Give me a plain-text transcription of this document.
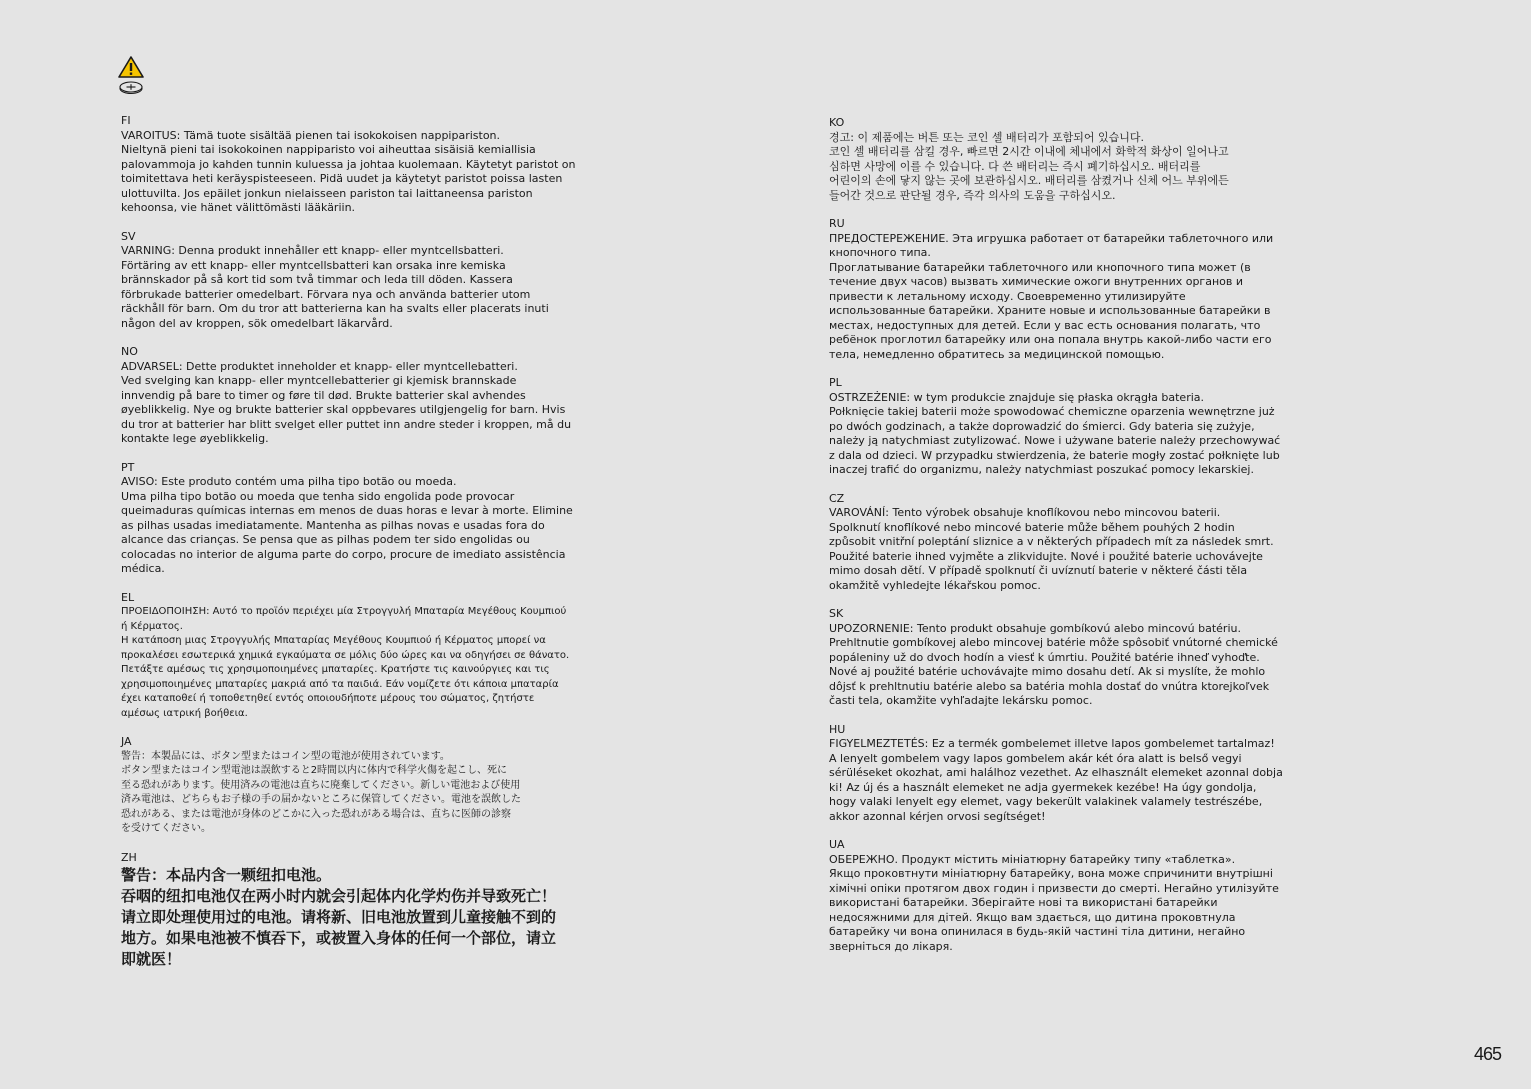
FI
VAROITUS: Tämä tuote sisältää pienen tai isokokoisen nappipariston.
Nieltynä pieni tai isokokoinen nappiparisto voi aiheuttaa sisäisiä kemiallisia
palovammoja jo kahden tunnin kuluessa ja johtaa kuolemaan. Käytetyt paristot on
toimitettava heti keräyspisteeseen. Pidä uudet ja käytetyt paristot poissa lasten
ulottuvilta. Jos epäilet jonkun nielaisseen pariston tai laittaneensa pariston
kehoonsa, vie hänet välittömästi lääkäriin.
SV
VARNING: Denna produkt innehåller ett knapp- eller myntcellsbatteri.
Förtäring av ett knapp- eller myntcellsbatteri kan orsaka inre kemiska
brännskador på så kort tid som två timmar och leda till döden. Kassera
förbrukade batterier omedelbart. Förvara nya och använda batterier utom
räckhåll för barn. Om du tror att batterierna kan ha svalts eller placerats inuti
någon del av kroppen, sök omedelbart läkarvård.
NO
ADVARSEL: Dette produktet inneholder et knapp- eller myntcellebatteri.
Ved svelging kan knapp- eller myntcellebatterier gi kjemisk brannskade
innvendig på bare to timer og føre til død. Brukte batterier skal avhendes
øyeblikkelig. Nye og brukte batterier skal oppbevares utilgjengelig for barn. Hvis
du tror at batterier har blitt svelget eller puttet inn andre steder i kroppen, må du
kontakte lege øyeblikkelig.
PT
AVISO: Este produto contém uma pilha tipo botão ou moeda.
Uma pilha tipo botão ou moeda que tenha sido engolida pode provocar
queimaduras químicas internas em menos de duas horas e levar à morte. Elimine
as pilhas usadas imediatamente. Mantenha as pilhas novas e usadas fora do
alcance das crianças. Se pensa que as pilhas podem ter sido engolidas ou
colocadas no interior de alguma parte do corpo, procure de imediato assistência
médica.
EL
ΠΡΟΕΙΔΟΠΟΙΗΣΗ: Αυτό το προϊόν περιέχει μία Στρογγυλή Μπαταρία Μεγέθους Κουμπιού
ή Κέρματος.
Η κατάποση μιας Στρογγυλής Μπαταρίας Μεγέθους Κουμπιού ή Κέρματος μπορεί να
προκαλέσει εσωτερικά χημικά εγκαύματα σε μόλις δύο ώρες και να οδηγήσει σε θάνατο.
Πετάξτε αμέσως τις χρησιμοποιημένες μπαταρίες. Κρατήστε τις καινούργιες και τις
χρησιμοποιημένες μπαταρίες μακριά από τα παιδιά. Εάν νομίζετε ότι κάποια μπαταρία
έχει καταποθεί ή τοποθετηθεί εντός οποιουδήποτε μέρους του σώματος, ζητήστε
αμέσως ιατρική βοήθεια.
JA
警告：本製品には、ボタン型またはコイン型の電池が使用されています。
ボタン型またはコイン型電池は誤飲すると2時間以内に体内で科学火傷を起こし、死に
至る恐れがあります。使用済みの電池は直ちに廃棄してください。新しい電池および使用
済み電池は、どちらもお子様の手の届かないところに保管してください。電池を誤飲した
恐れがある、または電池が身体のどこかに入った恐れがある場合は、直ちに医師の診察
を受けてください。
ZH
警告：本品内含一颗纽扣电池。
吞咽的纽扣电池仅在两小时内就会引起体内化学灼伤并导致死亡！
请立即处理使用过的电池。请将新、旧电池放置到儿童接触不到的
地方。如果电池被不慎吞下，或被置入身体的任何一个部位，请立
即就医！
KO
경고: 이 제품에는 버튼 또는 코인 셀 배터리가 포함되어 있습니다.
코인 셀 배터리를 삼킬 경우, 빠르면 2시간 이내에 체내에서 화학적 화상이 일어나고
심하면 사망에 이를 수 있습니다. 다 쓴 배터리는 즉시 폐기하십시오. 배터리를
어린이의 손에 닿지 않는 곳에 보관하십시오. 배터리를 삼켰거나 신체 어느 부위에든
들어간 것으로 판단될 경우, 즉각 의사의 도움을 구하십시오.
RU
ПРЕДОСТЕРЕЖЕНИЕ. Эта игрушка работает от батарейки таблеточного или
кнопочного типа.
Проглатывание батарейки таблеточного или кнопочного типа может (в
течение двух часов) вызвать химические ожоги внутренних органов и
привести к летальному исходу. Своевременно утилизируйте
использованные батарейки. Храните новые и использованные батарейки в
местах, недоступных для детей. Если у вас есть основания полагать, что
ребёнок проглотил батарейку или она попала внутрь какой-либо части его
тела, немедленно обратитесь за медицинской помощью.
PL
OSTRZEŻENIE: w tym produkcie znajduje się płaska okrągła bateria.
Połknięcie takiej baterii może spowodować chemiczne oparzenia wewnętrzne już
po dwóch godzinach, a także doprowadzić do śmierci. Gdy bateria się zużyje,
należy ją natychmiast zutylizować. Nowe i używane baterie należy przechowywać
z dala od dzieci. W przypadku stwierdzenia, że baterie mogły zostać połknięte lub
inaczej trafić do organizmu, należy natychmiast poszukać pomocy lekarskiej.
CZ
VAROVÁNÍ: Tento výrobek obsahuje knoflíkovou nebo mincovou baterii.
Spolknutí knoflíkové nebo mincové baterie může během pouhých 2 hodin
způsobit vnitřní poleptání sliznice a v některých případech mít za následek smrt.
Použité baterie ihned vyjměte a zlikvidujte. Nové i použité baterie uchovávejte
mimo dosah dětí. V případě spolknutí či uvíznutí baterie v některé části těla
okamžitě vyhledejte lékařskou pomoc.
SK
UPOZORNENIE: Tento produkt obsahuje gombíkovú alebo mincovú batériu.
Prehltnutie gombíkovej alebo mincovej batérie môže spôsobiť vnútorné chemické
popáleniny už do dvoch hodín a viesť k úmrtiu. Použité batérie ihneď vyhoďte.
Nové aj použité batérie uchovávajte mimo dosahu detí. Ak si myslíte, že mohlo
dôjsť k prehltnutiu batérie alebo sa batéria mohla dostať do vnútra ktorejkoľvek
časti tela, okamžite vyhľadajte lekársku pomoc.
HU
FIGYELMEZTETÉS: Ez a termék gombelemet illetve lapos gombelemet tartalmaz!
A lenyelt gombelem vagy lapos gombelem akár két óra alatt is belső vegyi
sérüléseket okozhat, ami halálhoz vezethet. Az elhasznált elemeket azonnal dobja
ki! Az új és a használt elemeket ne adja gyermekek kezébe! Ha úgy gondolja,
hogy valaki lenyelt egy elemet, vagy bekerült valakinek valamely testrészébe,
akkor azonnal kérjen orvosi segítséget!
UA
ОБЕРЕЖНО. Продукт містить мініатюрну батарейку типу «таблетка».
Якщо проковтнути мініатюрну батарейку, вона може спричинити внутрішні
хімічні опіки протягом двох годин і призвести до смерті. Негайно утилізуйте
використані батарейки. Зберігайте нові та використані батарейки
недосяжними для дітей. Якщо вам здається, що дитина проковтнула
батарейку чи вона опинилася в будь-якій частині тіла дитини, негайно
зверніться до лікаря.
465
